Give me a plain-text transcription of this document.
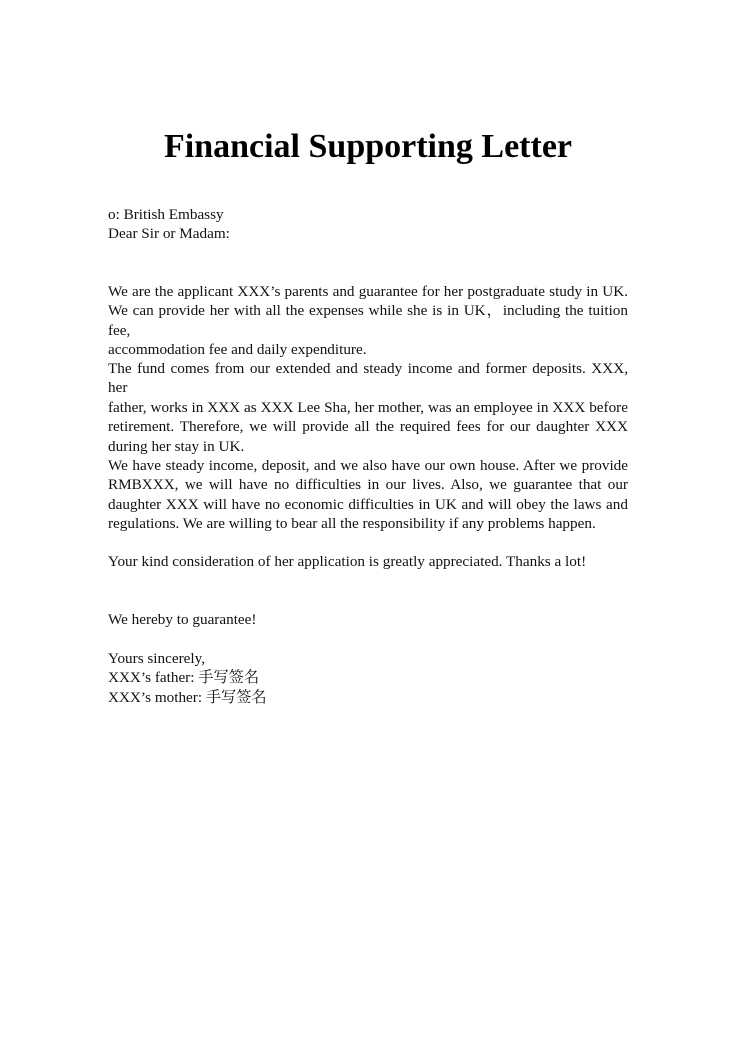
Financial Supporting Letter
o: British Embassy
Dear Sir or Madam:
We are the applicant XXX’s parents and guarantee for her postgraduate study in UK.
We can provide her with all the expenses while she is in UK，including the tuition fee,
accommodation fee and daily expenditure.
The fund comes from our extended and steady income and former deposits. XXX, her
father, works in XXX as XXX Lee Sha, her mother, was an employee in XXX before
retirement. Therefore, we will provide all the required fees for our daughter XXX
during her stay in UK.
We have steady income, deposit, and we also have our own house. After we provide
RMBXXX, we will have no difficulties in our lives. Also, we guarantee that our
daughter XXX will have no economic difficulties in UK and will obey the laws and
regulations. We are willing to bear all the responsibility if any problems happen.
Your kind consideration of her application is greatly appreciated. Thanks a lot!
We hereby to guarantee!
Yours sincerely,
XXX’s father: 手写签名
XXX’s mother: 手写签名
